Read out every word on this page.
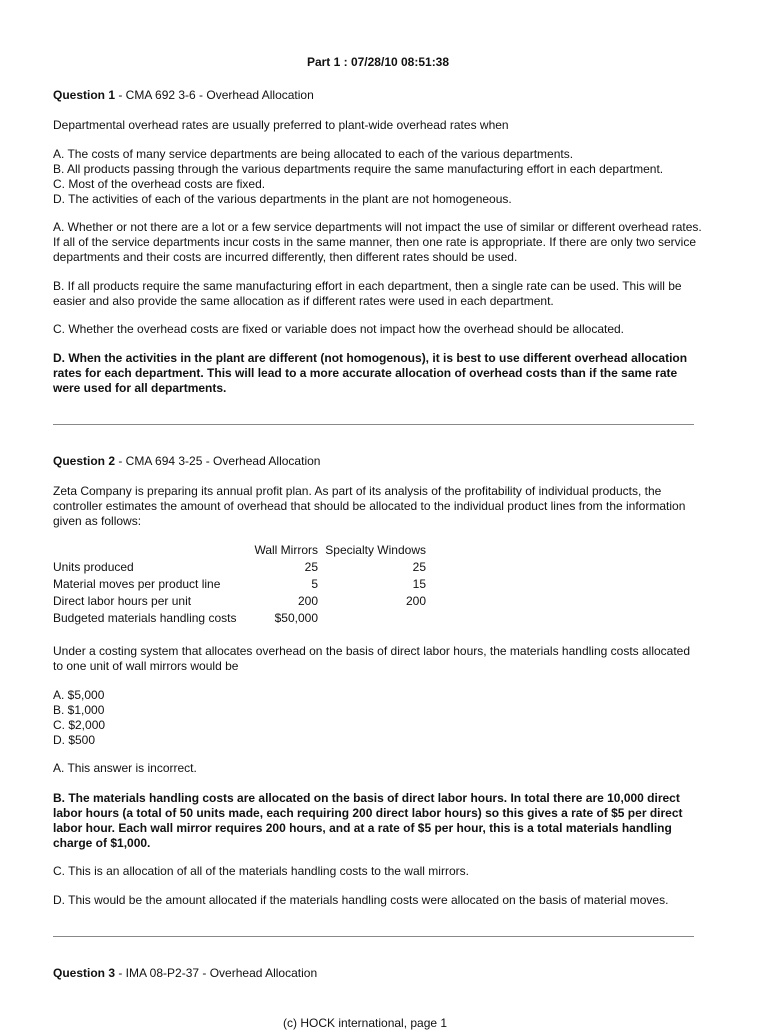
Part 1 : 07/28/10 08:51:38
Question 1 - CMA 692 3-6 - Overhead Allocation

Departmental overhead rates are usually preferred to plant-wide overhead rates when

A. The costs of many service departments are being allocated to each of the various departments.

B. All products passing through the various departments require the same manufacturing effort in each department.

C. Most of the overhead costs are fixed.

D. The activities of each of the various departments in the plant are not homogeneous.

A. Whether or not there are a lot or a few service departments will not impact the use of similar or different overhead rates. If all of the service departments incur costs in the same manner, then one rate is appropriate. If there are only two service departments and their costs are incurred differently, then different rates should be used.

B. If all products require the same manufacturing effort in each department, then a single rate can be used. This will be easier and also provide the same allocation as if different rates were used in each department.

C. Whether the overhead costs are fixed or variable does not impact how the overhead should be allocated.

D. When the activities in the plant are different (not homogenous), it is best to use different overhead allocation rates for each department. This will lead to a more accurate allocation of overhead costs than if the same rate were used for all departments.

Question 2 - CMA 694 3-25 - Overhead Allocation

Zeta Company is preparing its annual profit plan. As part of its analysis of the profitability of individual products, the controller estimates the amount of overhead that should be allocated to the individual product lines from the information given as follows:

	Wall Mirrors	Specialty Windows
Units produced	25	25
Material moves per product line	5	15
Direct labor hours per unit	200	200
Budgeted materials handling costs	$50,000	

Under a costing system that allocates overhead on the basis of direct labor hours, the materials handling costs allocated to one unit of wall mirrors would be

A. $5,000

B. $1,000

C. $2,000

D. $500

A. This answer is incorrect.

B. The materials handling costs are allocated on the basis of direct labor hours. In total there are 10,000 direct labor hours (a total of 50 units made, each requiring 200 direct labor hours) so this gives a rate of $5 per direct labor hour. Each wall mirror requires 200 hours, and at a rate of $5 per hour, this is a total materials handling charge of $1,000.

C. This is an allocation of all of the materials handling costs to the wall mirrors.

D. This would be the amount allocated if the materials handling costs were allocated on the basis of material moves.

Question 3 - IMA 08-P2-37 - Overhead Allocation
(c) HOCK international, page 1
